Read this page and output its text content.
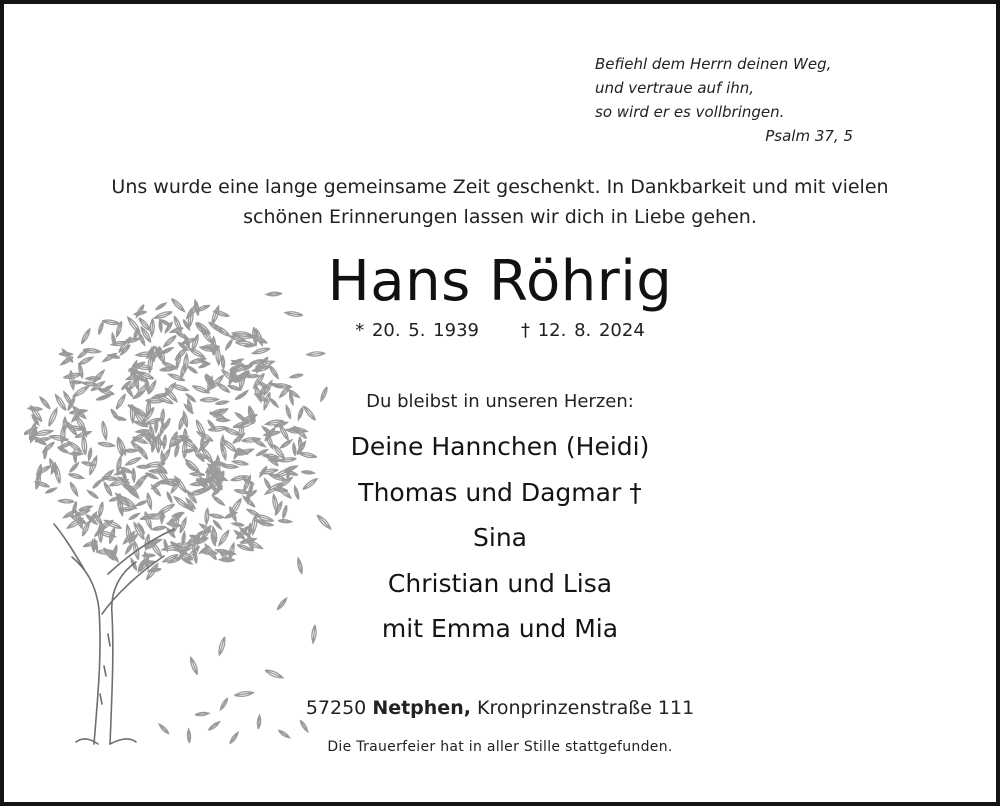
Befiehl dem Herrn deinen Weg,
und vertraue auf ihn,
so wird er es vollbringen.
Psalm 37, 5
Uns wurde eine lange gemeinsame Zeit geschenkt. In Dankbarkeit und mit vielen
schönen Erinnerungen lassen wir dich in Liebe gehen.
Hans Röhrig
* 20. 5. 1939 † 12. 8. 2024
Du bleibst in unseren Herzen:
Deine Hannchen (Heidi)
Thomas und Dagmar †
Sina
Christian und Lisa
mit Emma und Mia
57250 Netphen, Kronprinzenstraße 111
Die Trauerfeier hat in aller Stille stattgefunden.
